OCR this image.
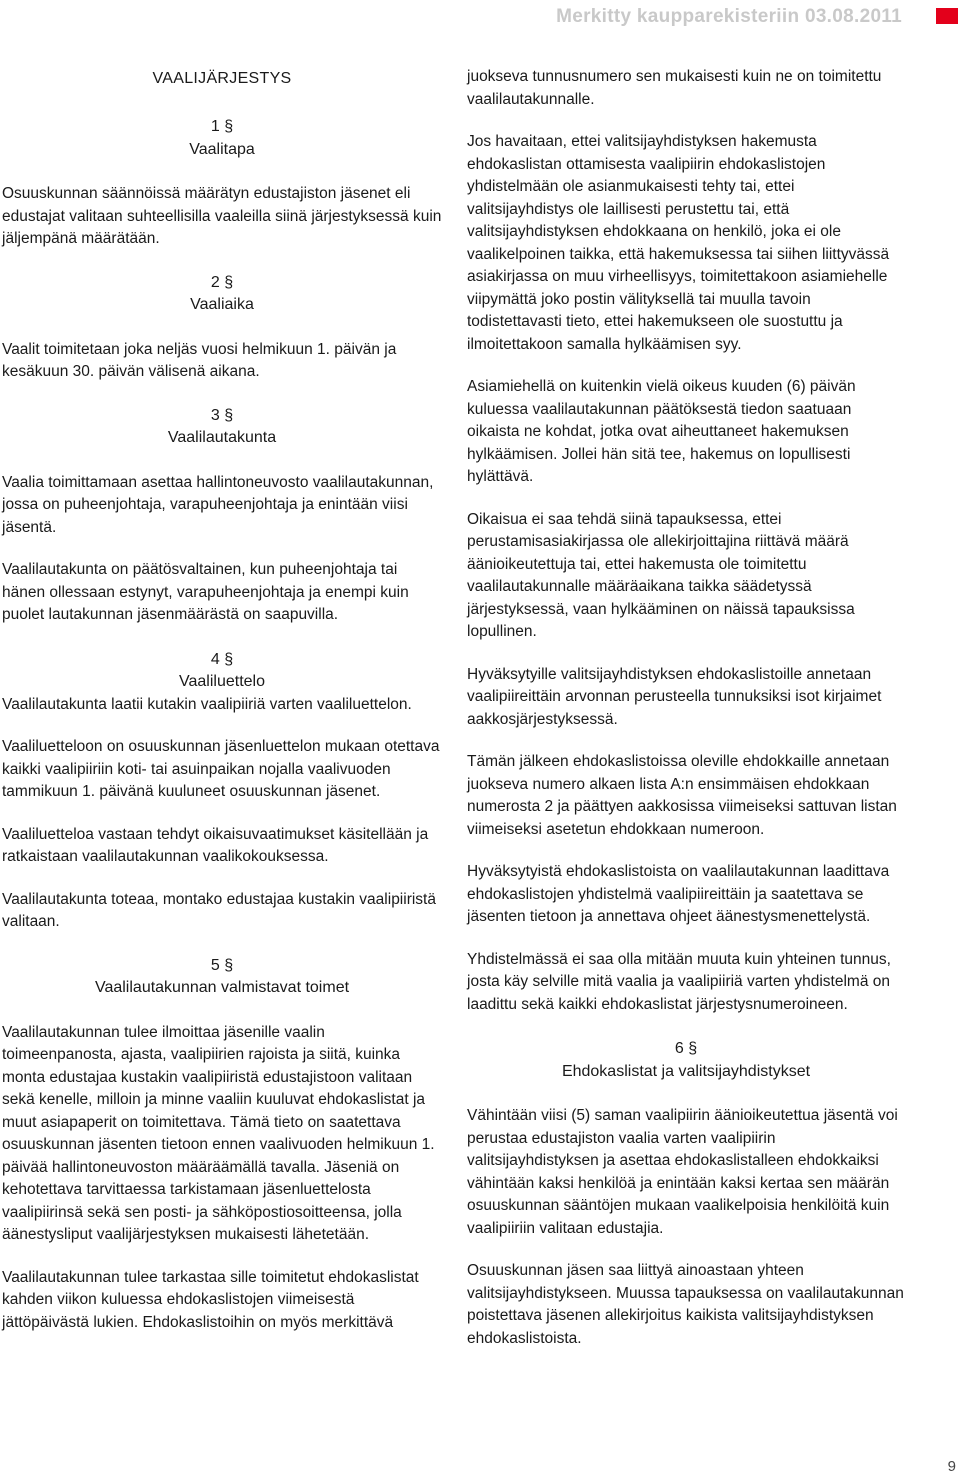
Merkitty kaupparekisteriin 03.08.2011
VAALIJÄRJESTYS
1 §
Vaalitapa

Osuuskunnan säännöissä määrätyn edustajiston jäsenet eli edustajat valitaan suhteellisilla vaaleilla siinä järjestyksessä kuin jäljempänä määrätään.

2 §
Vaaliaika

Vaalit toimitetaan joka neljäs vuosi helmikuun 1. päivän ja kesäkuun 30. päivän välisenä aikana.

3 §
Vaalilautakunta

Vaalia toimittamaan asettaa hallintoneuvosto vaalilautakunnan, jossa on puheenjohtaja, varapuheenjohtaja ja enintään viisi jäsentä.

Vaalilautakunta on päätösvaltainen, kun puheenjohtaja tai hänen ollessaan estynyt, varapuheenjohtaja ja enempi kuin puolet lautakunnan jäsenmäärästä on saapuvilla.

4 §
Vaaliluettelo

Vaalilautakunta laatii kutakin vaalipiiriä varten vaaliluettelon.

Vaaliluetteloon on osuuskunnan jäsenluettelon mukaan otettava kaikki vaalipiiriin koti- tai asuinpaikan nojalla vaalivuoden tammikuun 1. päivänä kuuluneet osuuskunnan jäsenet.

Vaaliluetteloa vastaan tehdyt oikaisuvaatimukset käsitellään ja ratkaistaan vaalilautakunnan vaalikokouksessa.

Vaalilautakunta toteaa, montako edustajaa kustakin vaalipiiristä valitaan.

5 §
Vaalilautakunnan valmistavat toimet

Vaalilautakunnan tulee ilmoittaa jäsenille vaalin toimeenpanosta, ajasta, vaalipiirien rajoista ja siitä, kuinka monta edustajaa kustakin vaalipiiristä edustajistoon valitaan sekä kenelle, milloin ja minne vaaliin kuuluvat ehdokaslistat ja muut asiapaperit on toimitettava. Tämä tieto on saatettava osuuskunnan jäsenten tietoon ennen vaalivuoden helmikuun 1. päivää hallintoneuvoston määräämällä tavalla. Jäseniä on kehotettava tarvittaessa tarkistamaan jäsenluettelosta vaalipiirinsä sekä sen posti- ja sähköpostiosoitteensa, jolla äänestysliput vaalijärjestyksen mukaisesti lähetetään.

Vaalilautakunnan tulee tarkastaa sille toimitetut ehdokaslistat kahden viikon kuluessa ehdokaslistojen viimeisestä jättöpäivästä lukien. Ehdokaslistoihin on myös merkittävä

juokseva tunnusnumero sen mukaisesti kuin ne on toimitettu vaalilautakunnalle.

Jos havaitaan, ettei valitsijayhdistyksen hakemusta ehdokaslistan ottamisesta vaalipiirin ehdokaslistojen yhdistelmään ole asianmukaisesti tehty tai, ettei valitsijayhdistys ole laillisesti perustettu tai, että valitsijayhdistyksen ehdokkaana on henkilö, joka ei ole vaalikelpoinen taikka, että hakemuksessa tai siihen liittyvässä asiakirjassa on muu virheellisyys, toimitettakoon asiamiehelle viipymättä joko postin välityksellä tai muulla tavoin todistettavasti tieto, ettei hakemukseen ole suostuttu ja ilmoitettakoon samalla hylkäämisen syy.

Asiamiehellä on kuitenkin vielä oikeus kuuden (6) päivän kuluessa vaalilautakunnan päätöksestä tiedon saatuaan oikaista ne kohdat, jotka ovat aiheuttaneet hakemuksen hylkäämisen. Jollei hän sitä tee, hakemus on lopullisesti hylättävä.

Oikaisua ei saa tehdä siinä tapauksessa, ettei perustamisasiakirjassa ole allekirjoittajina riittävä määrä äänioikeutettuja tai, ettei hakemusta ole toimitettu vaalilautakunnalle määräaikana taikka säädetyssä järjestyksessä, vaan hylkääminen on näissä tapauksissa lopullinen.

Hyväksytyille valitsijayhdistyksen ehdokaslistoille annetaan vaalipiireittäin arvonnan perusteella tunnuksiksi isot kirjaimet aakkosjärjestyksessä.

Tämän jälkeen ehdokaslistoissa oleville ehdokkaille annetaan juokseva numero alkaen lista A:n ensimmäisen ehdokkaan numerosta 2 ja päättyen aakkosissa viimeiseksi sattuvan listan viimeiseksi asetetun ehdokkaan numeroon.

Hyväksytyistä ehdokaslistoista on vaalilautakunnan laadittava ehdokaslistojen yhdistelmä vaalipiireittäin ja saatettava se jäsenten tietoon ja annettava ohjeet äänestysmenettelystä.

Yhdistelmässä ei saa olla mitään muuta kuin yhteinen tunnus, josta käy selville mitä vaalia ja vaalipiiriä varten yhdistelmä on laadittu sekä kaikki ehdokaslistat järjestysnumeroineen.

6 §
Ehdokaslistat ja valitsijayhdistykset

Vähintään viisi (5) saman vaalipiirin äänioikeutettua jäsentä voi perustaa edustajiston vaalia varten vaalipiirin valitsijayhdistyksen ja asettaa ehdokaslistalleen ehdokkaiksi vähintään kaksi henkilöä ja enintään kaksi kertaa sen määrän osuuskunnan sääntöjen mukaan vaalikelpoisia henkilöitä kuin vaalipiiriin valitaan edustajia.

Osuuskunnan jäsen saa liittyä ainoastaan yhteen valitsijayhdistykseen. Muussa tapauksessa on vaalilautakunnan poistettava jäsenen allekirjoitus kaikista valitsijayhdistyksen ehdokaslistoista.

9
